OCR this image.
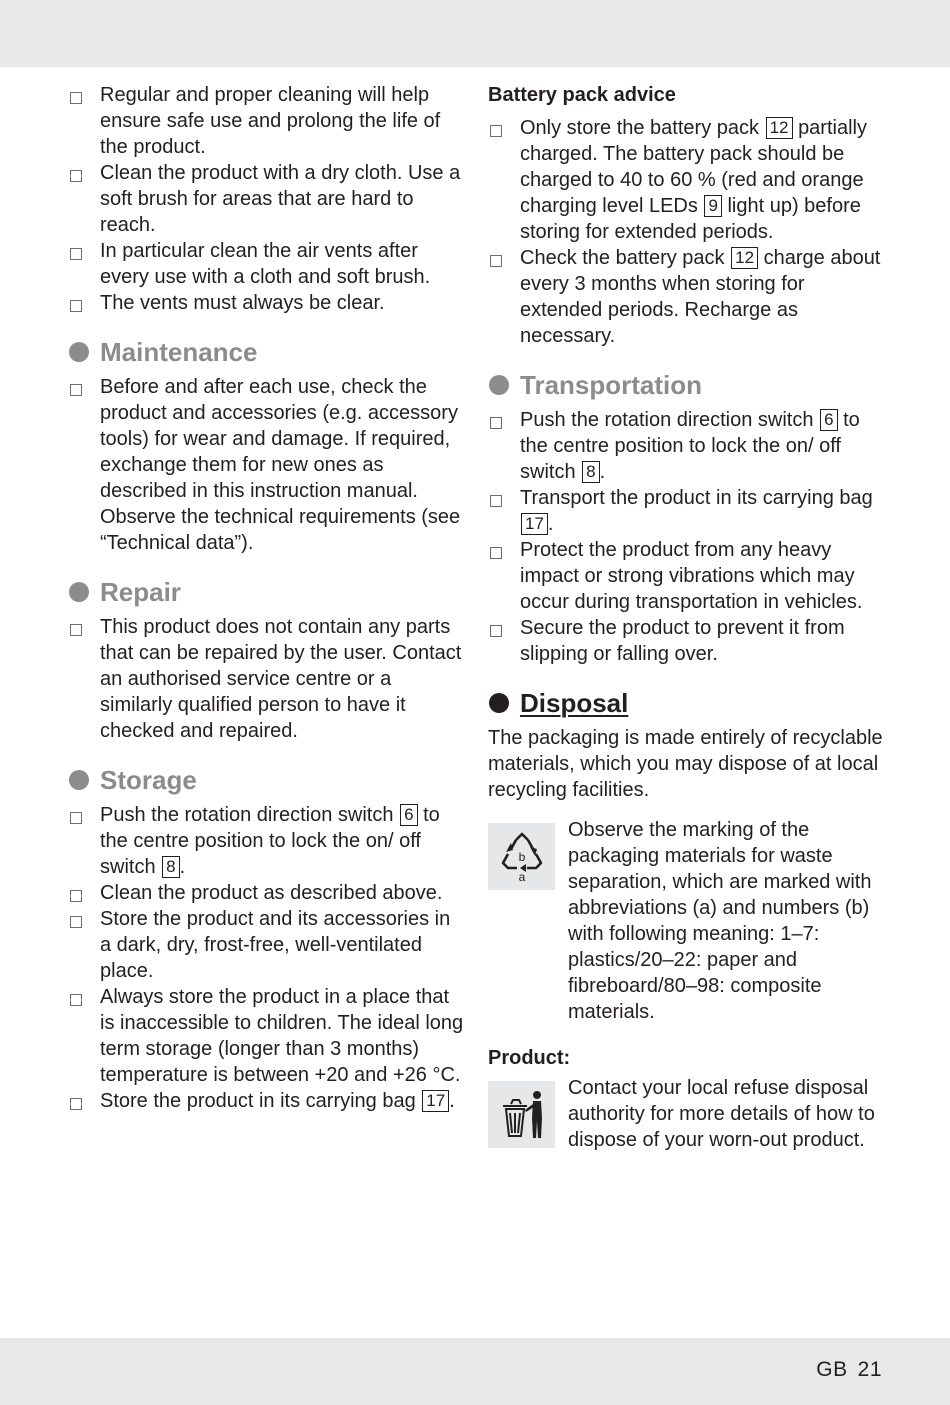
Regular and proper cleaning will help ensure safe use and prolong the life of the product.
Clean the product with a dry cloth. Use a soft brush for areas that are hard to reach.
In particular clean the air vents after every use with a cloth and soft brush.
The vents must always be clear.
Maintenance
Before and after each use, check the product and accessories (e.g. accessory tools) for wear and damage. If required, exchange them for new ones as described in this instruction manual. Observe the technical requirements (see “Technical data”).
Repair
This product does not contain any parts that can be repaired by the user. Contact an authorised service centre or a similarly qualified person to have it checked and repaired.
Storage
Push the rotation direction switch 6 to the centre position to lock the on/ off switch 8 .
Clean the product as described above.
Store the product and its accessories in a dark, dry, frost-free, well-ventilated place.
Always store the product in a place that is inaccessible to children. The ideal long term storage (longer than 3 months) temperature is between +20 and +26 °C.
Store the product in its carrying bag 17 .
Battery pack advice
Only store the battery pack 12 partially charged. The battery pack should be charged to 40 to 60 % (red and orange charging level LEDs 9 light up) before storing for extended periods.
Check the battery pack 12 charge about every 3 months when storing for extended periods. Recharge as necessary.
Transportation
Push the rotation direction switch 6 to the centre position to lock the on/ off switch 8 .
Transport the product in its carrying bag 17 .
Protect the product from any heavy impact or strong vibrations which may occur during transportation in vehicles.
Secure the product to prevent it from slipping or falling over.
Disposal

The packaging is made entirely of recyclable materials, which you may dispose of at local recycling facilities.

b
a

Observe the marking of the packaging materials for waste separation, which are marked with abbreviations (a) and numbers (b) with following meaning: 1–7: plastics/20–22: paper and fibreboard/80–98: composite materials.

Product:

Contact your local refuse disposal authority for more details of how to dispose of your worn-out product.

GB 21
